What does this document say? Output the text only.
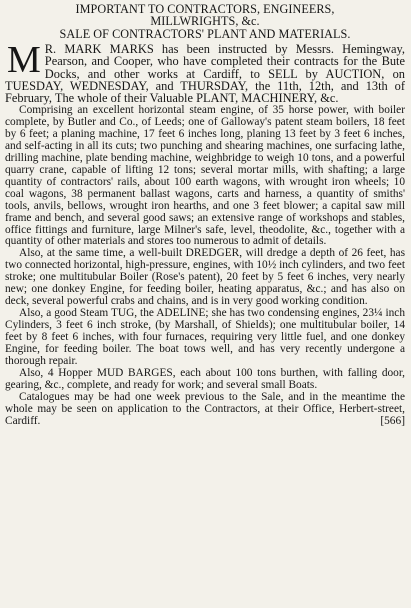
IMPORTANT TO CONTRACTORS, ENGINEERS,
MILLWRIGHTS, &c.
SALE OF CONTRACTORS' PLANT AND MATERIALS.
M R. MARK MARKS has been instructed by Messrs. Hemingway, Pearson, and Cooper, who have completed their contracts for the Bute Docks, and other works at Cardiff, to SELL by AUCTION, on TUESDAY, WEDNESDAY, and THURSDAY, the 11th, 12th, and 13th of February, The whole of their Valuable PLANT, MACHINERY, &c.

Comprising an excellent horizontal steam engine, of 35 horse power, with boiler complete, by Butler and Co., of Leeds; one of Galloway's patent steam boilers, 18 feet by 6 feet; a planing machine, 17 feet 6 inches long, planing 13 feet by 3 feet 6 inches, and self-acting in all its cuts; two punching and shearing machines, one surfacing lathe, drilling machine, plate bending machine, weighbridge to weigh 10 tons, and a powerful quarry crane, capable of lifting 12 tons; several mortar mills, with shafting; a large quantity of contractors' rails, about 100 earth wagons, with wrought iron wheels; 10 coal wagons, 38 permanent ballast wagons, carts and harness, a quantity of smiths' tools, anvils, bellows, wrought iron hearths, and one 3 feet blower; a capital saw mill frame and bench, and several good saws; an extensive range of workshops and stables, office fittings and furniture, large Milner's safe, level, theodolite, &c., together with a quantity of other materials and stores too numerous to admit of details.

Also, at the same time, a well-built DREDGER, will dredge a depth of 26 feet, has two connected horizontal, high-pressure, engines, with 10½ inch cylinders, and two feet stroke; one multitubular Boiler (Rose's patent), 20 feet by 5 feet 6 inches, very nearly new; one donkey Engine, for feeding boiler, heating apparatus, &c.; and has also on deck, several powerful crabs and chains, and is in very good working condition.

Also, a good Steam TUG, the ADELINE; she has two condensing engines, 23¼ inch Cylinders, 3 feet 6 inch stroke, (by Marshall, of Shields); one multitubular boiler, 14 feet by 8 feet 6 inches, with four furnaces, requiring very little fuel, and one donkey Engine, for feeding boiler. The boat tows well, and has very recently undergone a thorough repair.

Also, 4 Hopper MUD BARGES, each about 100 tons burthen, with falling door, gearing, &c., complete, and ready for work; and several small Boats.

Catalogues may be had one week previous to the Sale, and in the meantime the whole may be seen on application to the Contractors, at their Office, Herbert-street, Cardiff.	[566]
